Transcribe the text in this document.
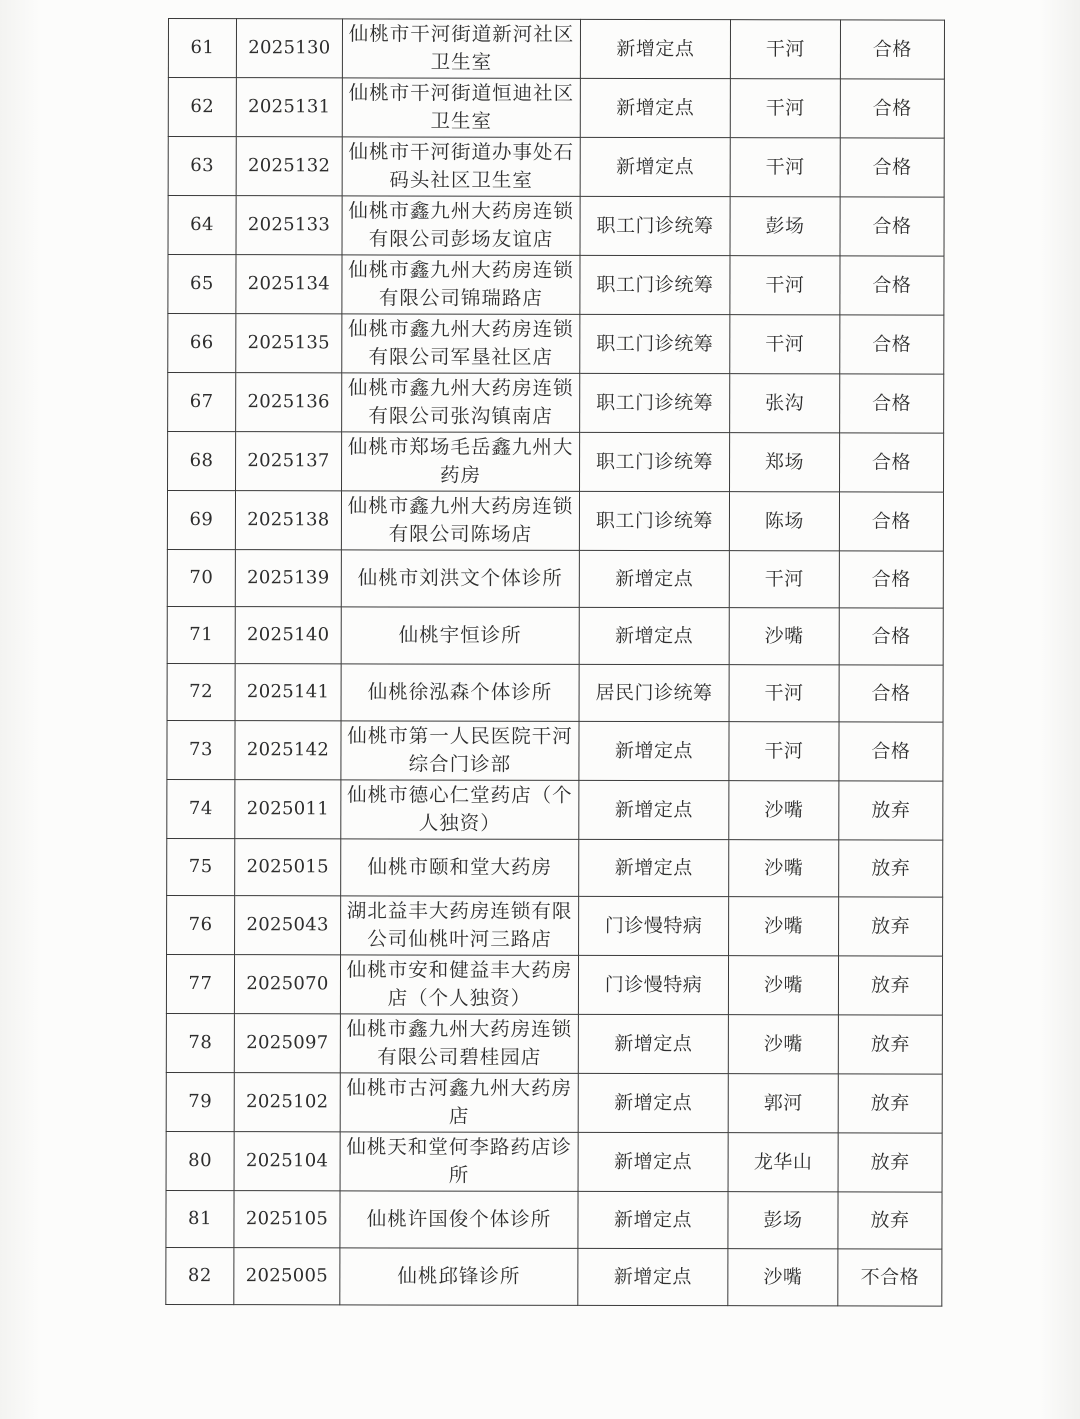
61	2025130	仙桃市干河街道新河社区卫生室	新增定点	干河	合格
62	2025131	仙桃市干河街道恒迪社区卫生室	新增定点	干河	合格
63	2025132	仙桃市干河街道办事处石码头社区卫生室	新增定点	干河	合格
64	2025133	仙桃市鑫九州大药房连锁有限公司彭场友谊店	职工门诊统筹	彭场	合格
65	2025134	仙桃市鑫九州大药房连锁有限公司锦瑞路店	职工门诊统筹	干河	合格
66	2025135	仙桃市鑫九州大药房连锁有限公司军垦社区店	职工门诊统筹	干河	合格
67	2025136	仙桃市鑫九州大药房连锁有限公司张沟镇南店	职工门诊统筹	张沟	合格
68	2025137	仙桃市郑场毛岳鑫九州大药房	职工门诊统筹	郑场	合格
69	2025138	仙桃市鑫九州大药房连锁有限公司陈场店	职工门诊统筹	陈场	合格
70	2025139	仙桃市刘洪文个体诊所	新增定点	干河	合格
71	2025140	仙桃宇恒诊所	新增定点	沙嘴	合格
72	2025141	仙桃徐泓森个体诊所	居民门诊统筹	干河	合格
73	2025142	仙桃市第一人民医院干河综合门诊部	新增定点	干河	合格
74	2025011	仙桃市德心仁堂药店（个人独资）	新增定点	沙嘴	放弃
75	2025015	仙桃市颐和堂大药房	新增定点	沙嘴	放弃
76	2025043	湖北益丰大药房连锁有限公司仙桃叶河三路店	门诊慢特病	沙嘴	放弃
77	2025070	仙桃市安和健益丰大药房店（个人独资）	门诊慢特病	沙嘴	放弃
78	2025097	仙桃市鑫九州大药房连锁有限公司碧桂园店	新增定点	沙嘴	放弃
79	2025102	仙桃市古河鑫九州大药房店	新增定点	郭河	放弃
80	2025104	仙桃天和堂何李路药店诊所	新增定点	龙华山	放弃
81	2025105	仙桃许国俊个体诊所	新增定点	彭场	放弃
82	2025005	仙桃邱锋诊所	新增定点	沙嘴	不合格
